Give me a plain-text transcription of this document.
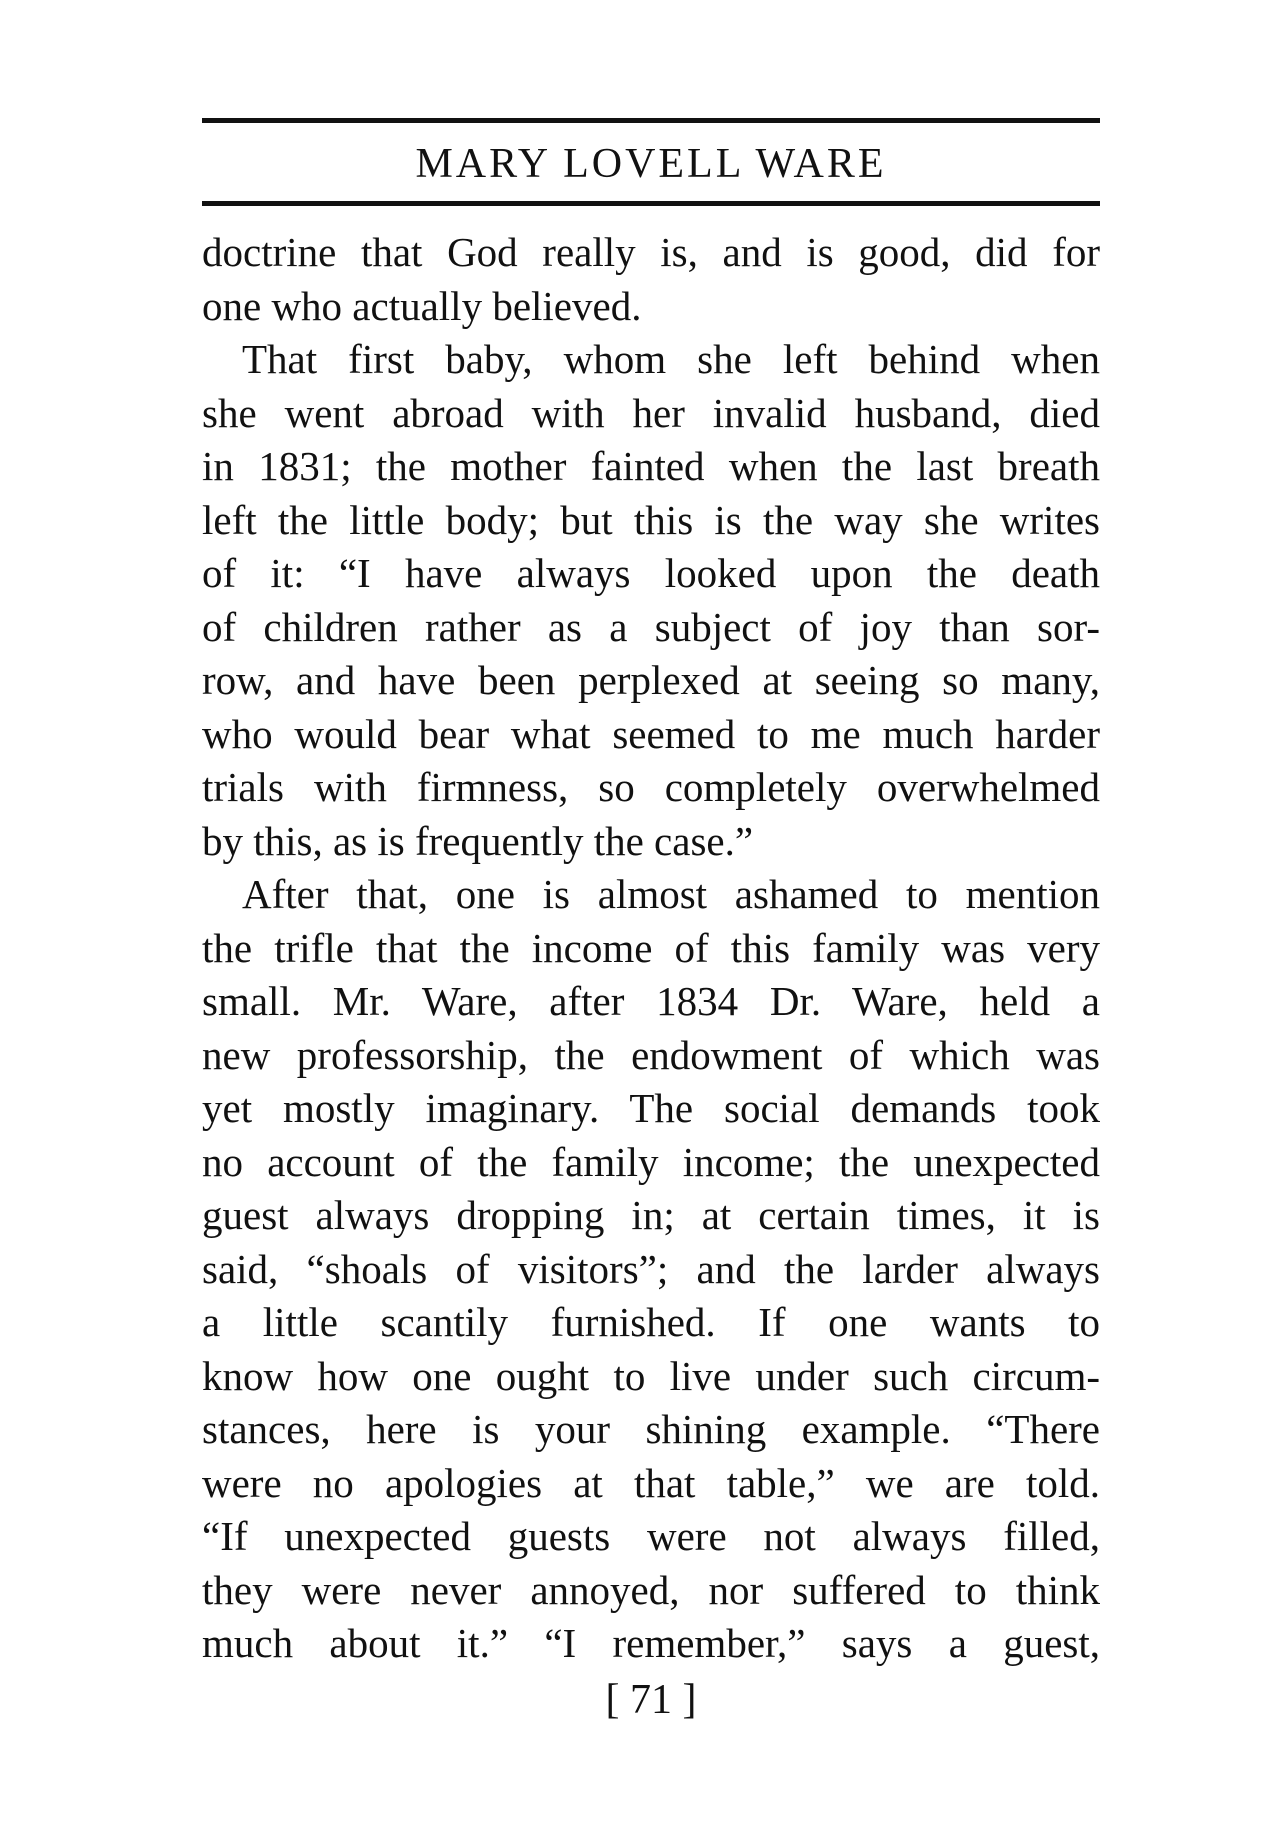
MARY LOVELL WARE
doctrine that God really is, and is good, did for
one who actually believed.
That first baby, whom she left behind when
she went abroad with her invalid husband, died
in 1831; the mother fainted when the last breath
left the little body; but this is the way she writes
of it: “I have always looked upon the death
of children rather as a subject of joy than sor-
row, and have been perplexed at seeing so many,
who would bear what seemed to me much harder
trials with firmness, so completely overwhelmed
by this, as is frequently the case.”
After that, one is almost ashamed to mention
the trifle that the income of this family was very
small. Mr. Ware, after 1834 Dr. Ware, held a
new professorship, the endowment of which was
yet mostly imaginary. The social demands took
no account of the family income; the unexpected
guest always dropping in; at certain times, it is
said, “shoals of visitors”; and the larder always
a little scantily furnished. If one wants to
know how one ought to live under such circum-
stances, here is your shining example. “There
were no apologies at that table,” we are told.
“If unexpected guests were not always filled,
they were never annoyed, nor suffered to think
much about it.” “I remember,” says a guest,
[ 71 ]
